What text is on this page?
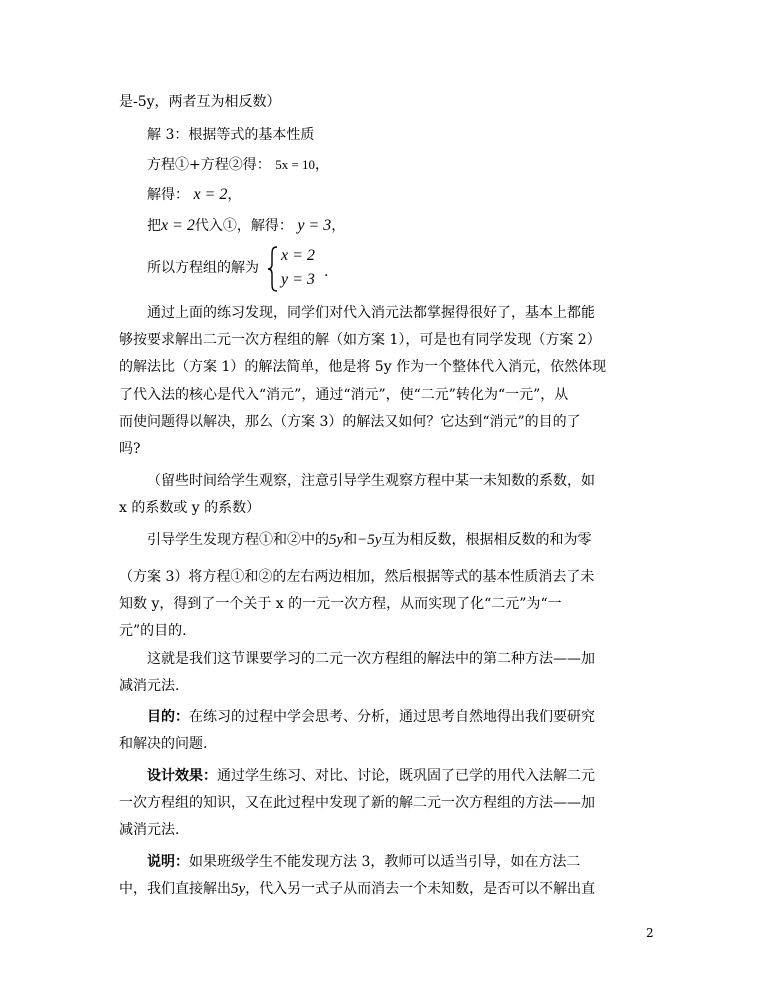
是-5y，两者互为相反数）
解 3：根据等式的基本性质
方程①+方程②得： 5x = 10，
解得： x = 2，
把x = 2代入①，解得： y = 3，
所以方程组的解为
x = 2
y = 3 .
通过上面的练习发现，同学们对代入消元法都掌握得很好了，基本上都能
够按要求解出二元一次方程组的解（如方案 1），可是也有同学发现（方案 2）
的解法比（方案 1）的解法简单，他是将 5y 作为一个整体代入消元，依然体现
了代入法的核心是代入“消元”，通过“消元”，使“二元”转化为“一元”，从
而使问题得以解决，那么（方案 3）的解法又如何？它达到“消元”的目的了
吗?
（留些时间给学生观察，注意引导学生观察方程中某一未知数的系数，如
x 的系数或 y 的系数）
引导学生发现方程①和②中的5y和−5y互为相反数，根据相反数的和为零
（方案 3）将方程①和②的左右两边相加，然后根据等式的基本性质消去了未
知数 y，得到了一个关于 x 的一元一次方程，从而实现了化“二元”为“一
元”的目的.
这就是我们这节课要学习的二元一次方程组的解法中的第二种方法——加
减消元法.
目的：在练习的过程中学会思考、分析，通过思考自然地得出我们要研究
和解决的问题.
设计效果：通过学生练习、对比、讨论，既巩固了已学的用代入法解二元
一次方程组的知识，又在此过程中发现了新的解二元一次方程组的方法——加
减消元法.
说明：如果班级学生不能发现方法 3，教师可以适当引导，如在方法二
中，我们直接解出5y，代入另一式子从而消去一个未知数，是否可以不解出直
2
